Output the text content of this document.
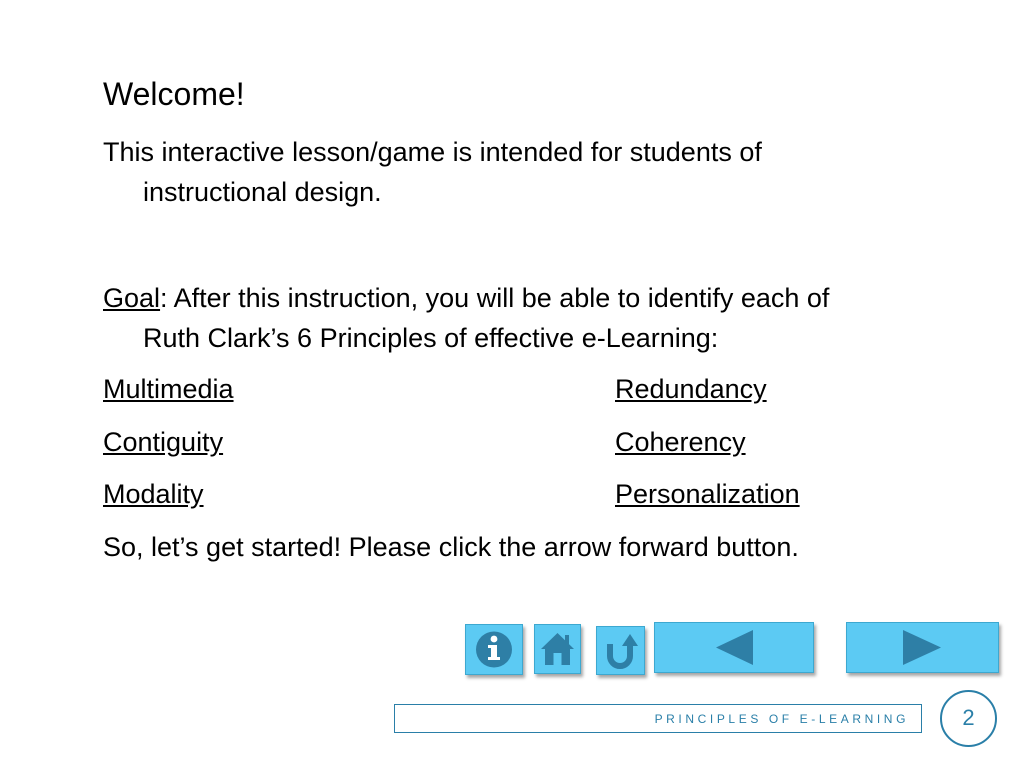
Welcome!
This interactive lesson/game is intended for students of
instructional design.
Goal: After this instruction, you will be able to identify each of
Ruth Clark’s 6 Principles of effective e-Learning:
Multimedia	Redundancy
Contiguity	Coherency
Modality	Personalization
So, let’s get started! Please click the arrow forward button.
PRINCIPLES OF E-LEARNING	2
